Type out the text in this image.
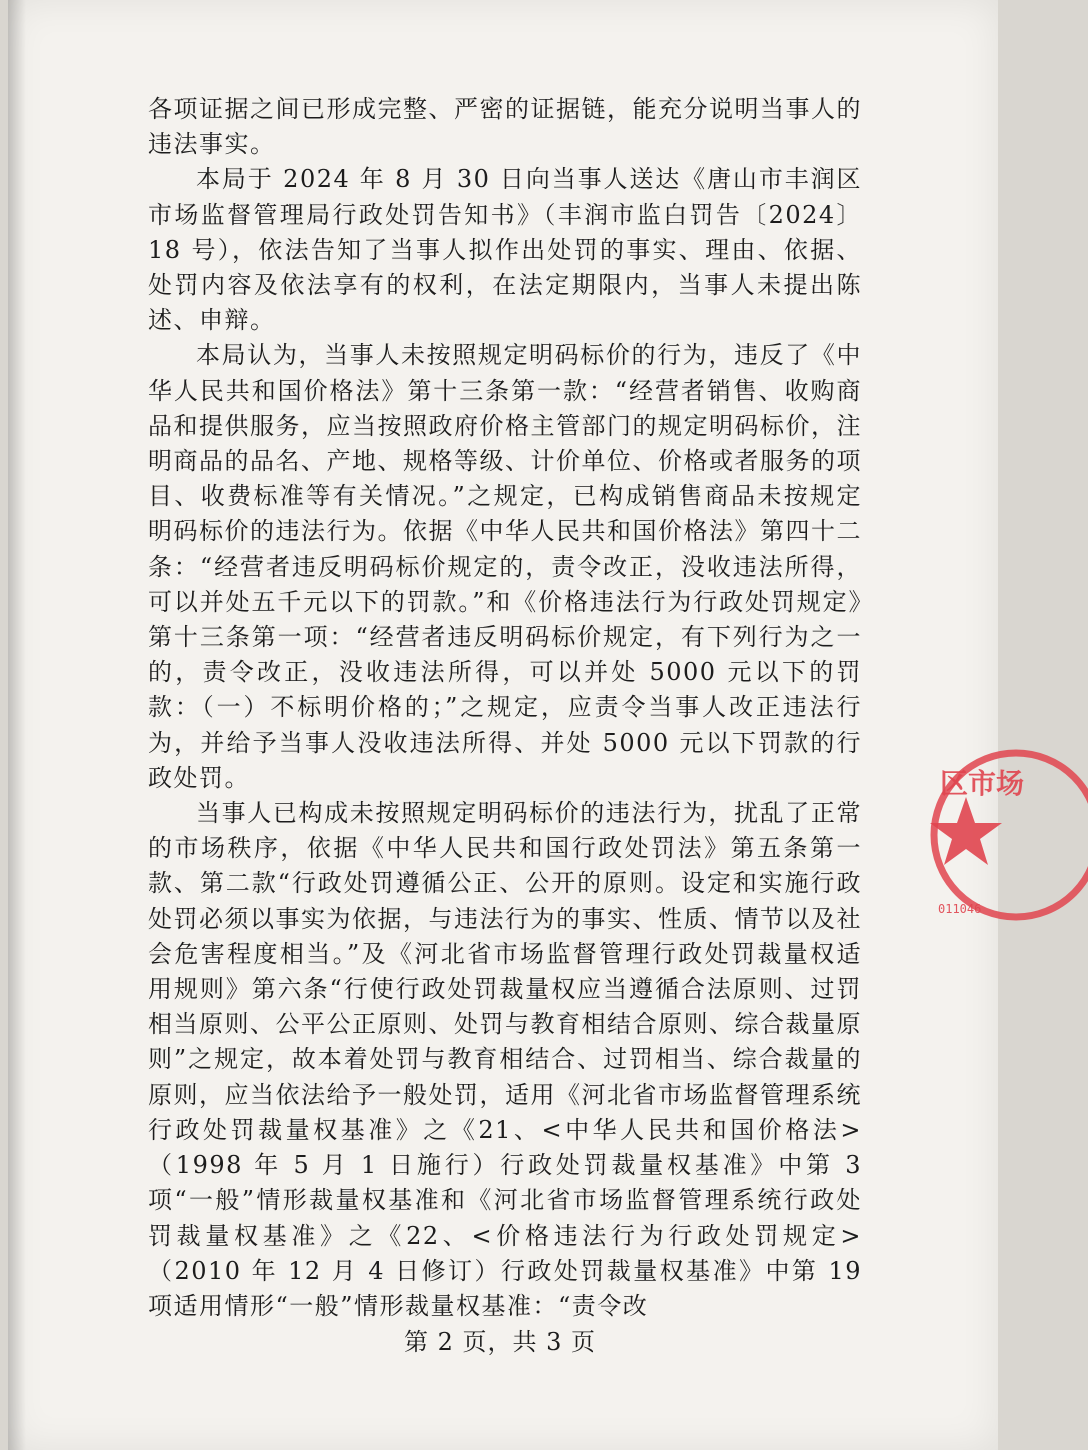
各项证据之间已形成完整、严密的证据链，能充分说明当事人的违法事实。

本局于 2024 年 8 月 30 日向当事人送达《唐山市丰润区市场监督管理局行政处罚告知书》（丰润市监白罚告〔2024〕18 号），依法告知了当事人拟作出处罚的事实、理由、依据、处罚内容及依法享有的权利，在法定期限内，当事人未提出陈述、申辩。

本局认为，当事人未按照规定明码标价的行为，违反了《中华人民共和国价格法》第十三条第一款：“经营者销售、收购商品和提供服务，应当按照政府价格主管部门的规定明码标价，注明商品的品名、产地、规格等级、计价单位、价格或者服务的项目、收费标准等有关情况。”之规定，已构成销售商品未按规定明码标价的违法行为。依据《中华人民共和国价格法》第四十二条：“经营者违反明码标价规定的，责令改正，没收违法所得，可以并处五千元以下的罚款。”和《价格违法行为行政处罚规定》第十三条第一项：“经营者违反明码标价规定，有下列行为之一的，责令改正，没收违法所得，可以并处 5000 元以下的罚款：（一）不标明价格的；”之规定，应责令当事人改正违法行为，并给予当事人没收违法所得、并处 5000 元以下罚款的行政处罚。

当事人已构成未按照规定明码标价的违法行为，扰乱了正常的市场秩序，依据《中华人民共和国行政处罚法》第五条第一款、第二款“行政处罚遵循公正、公开的原则。设定和实施行政处罚必须以事实为依据，与违法行为的事实、性质、情节以及社会危害程度相当。”及《河北省市场监督管理行政处罚裁量权适用规则》第六条“行使行政处罚裁量权应当遵循合法原则、过罚相当原则、公平公正原则、处罚与教育相结合原则、综合裁量原则”之规定，故本着处罚与教育相结合、过罚相当、综合裁量的原则，应当依法给予一般处罚，适用《河北省市场监督管理系统行政处罚裁量权基准》之《21、<中华人民共和国价格法>（1998 年 5 月 1 日施行）行政处罚裁量权基准》中第 3 项“一般”情形裁量权基准和《河北省市场监督管理系统行政处罚裁量权基准》之《22、<价格违法行为行政处罚规定>（2010 年 12 月 4 日修订）行政处罚裁量权基准》中第 19 项适用情形“一般”情形裁量权基准：“责令改

第 2 页，共 3 页
区市场
011046
